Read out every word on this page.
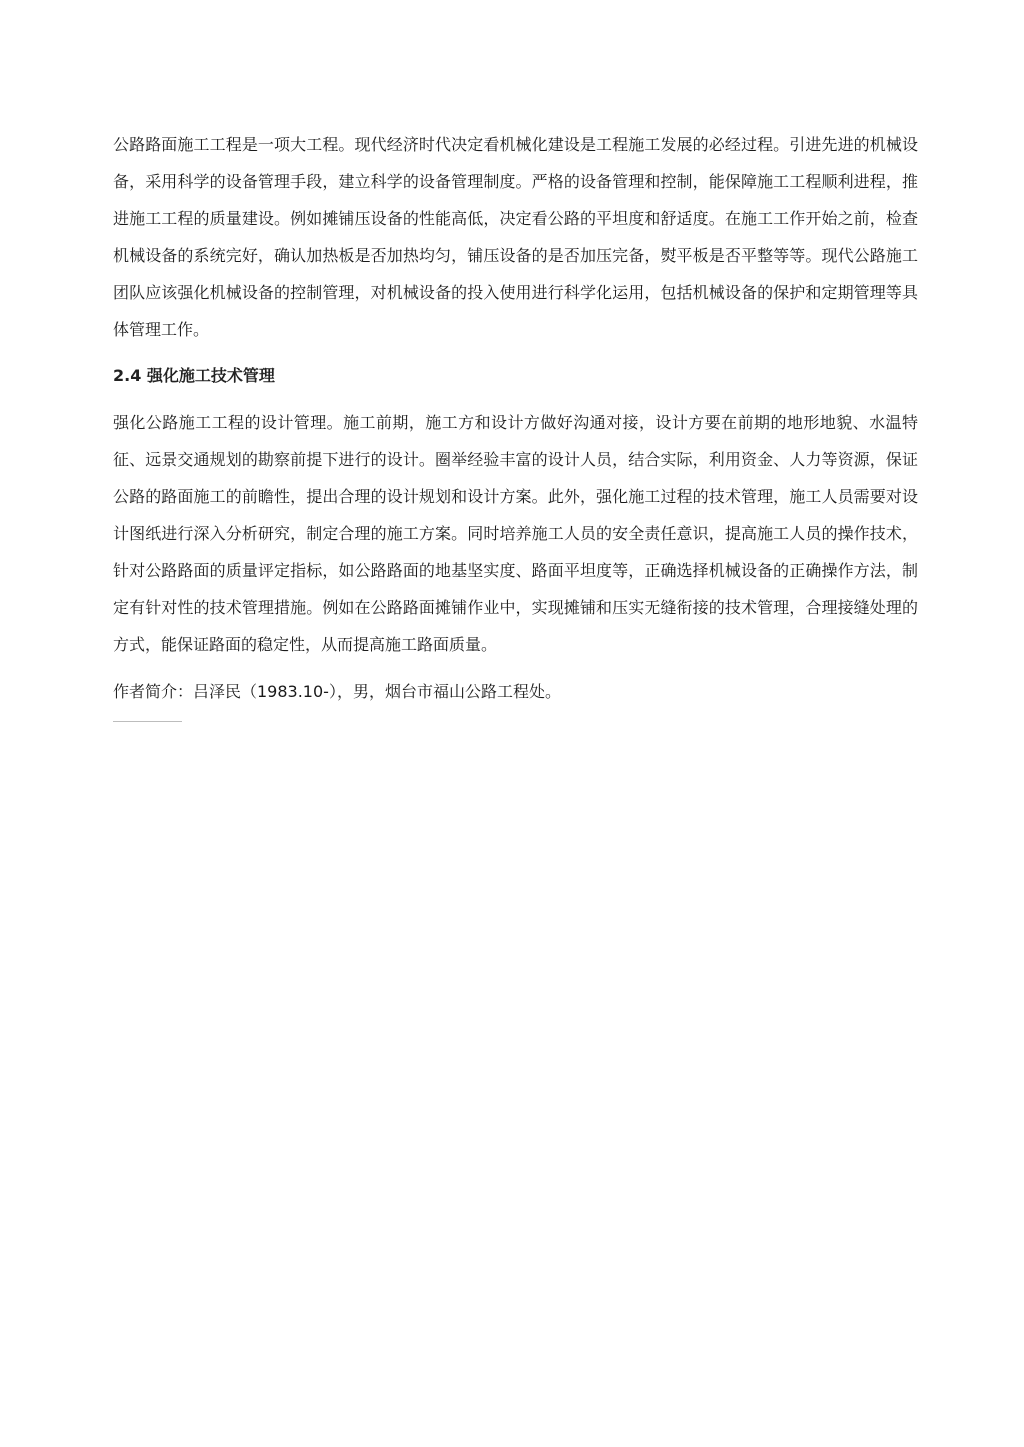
公路路面施工工程是一项大工程。现代经济时代决定看机械化建设是工程施工发展的必经过程。引进先进的机械设备，采用科学的设备管理手段，建立科学的设备管理制度。严格的设备管理和控制，能保障施工工程顺利进程，推进施工工程的质量建设。例如摊铺压设备的性能高低，决定看公路的平坦度和舒适度。在施工工作开始之前，检查机械设备的系统完好，确认加热板是否加热均匀，铺压设备的是否加压完备，熨平板是否平整等等。现代公路施工团队应该强化机械设备的控制管理，对机械设备的投入使用进行科学化运用，包括机械设备的保护和定期管理等具体管理工作。

2.4 强化施工技术管理

强化公路施工工程的设计管理。施工前期，施工方和设计方做好沟通对接，设计方要在前期的地形地貌、水温特征、远景交通规划的勘察前提下进行的设计。圈举经验丰富的设计人员，结合实际，利用资金、人力等资源，保证公路的路面施工的前瞻性，提出合理的设计规划和设计方案。此外，强化施工过程的技术管理，施工人员需要对设计图纸进行深入分析研究，制定合理的施工方案。同时培养施工人员的安全责任意识，提高施工人员的操作技术，针对公路路面的质量评定指标，如公路路面的地基坚实度、路面平坦度等，正确选择机械设备的正确操作方法，制定有针对性的技术管理措施。例如在公路路面摊铺作业中，实现摊铺和压实无缝衔接的技术管理，合理接缝处理的方式，能保证路面的稳定性，从而提高施工路面质量。

作者简介：吕泽民（1983.10-），男，烟台市福山公路工程处。
